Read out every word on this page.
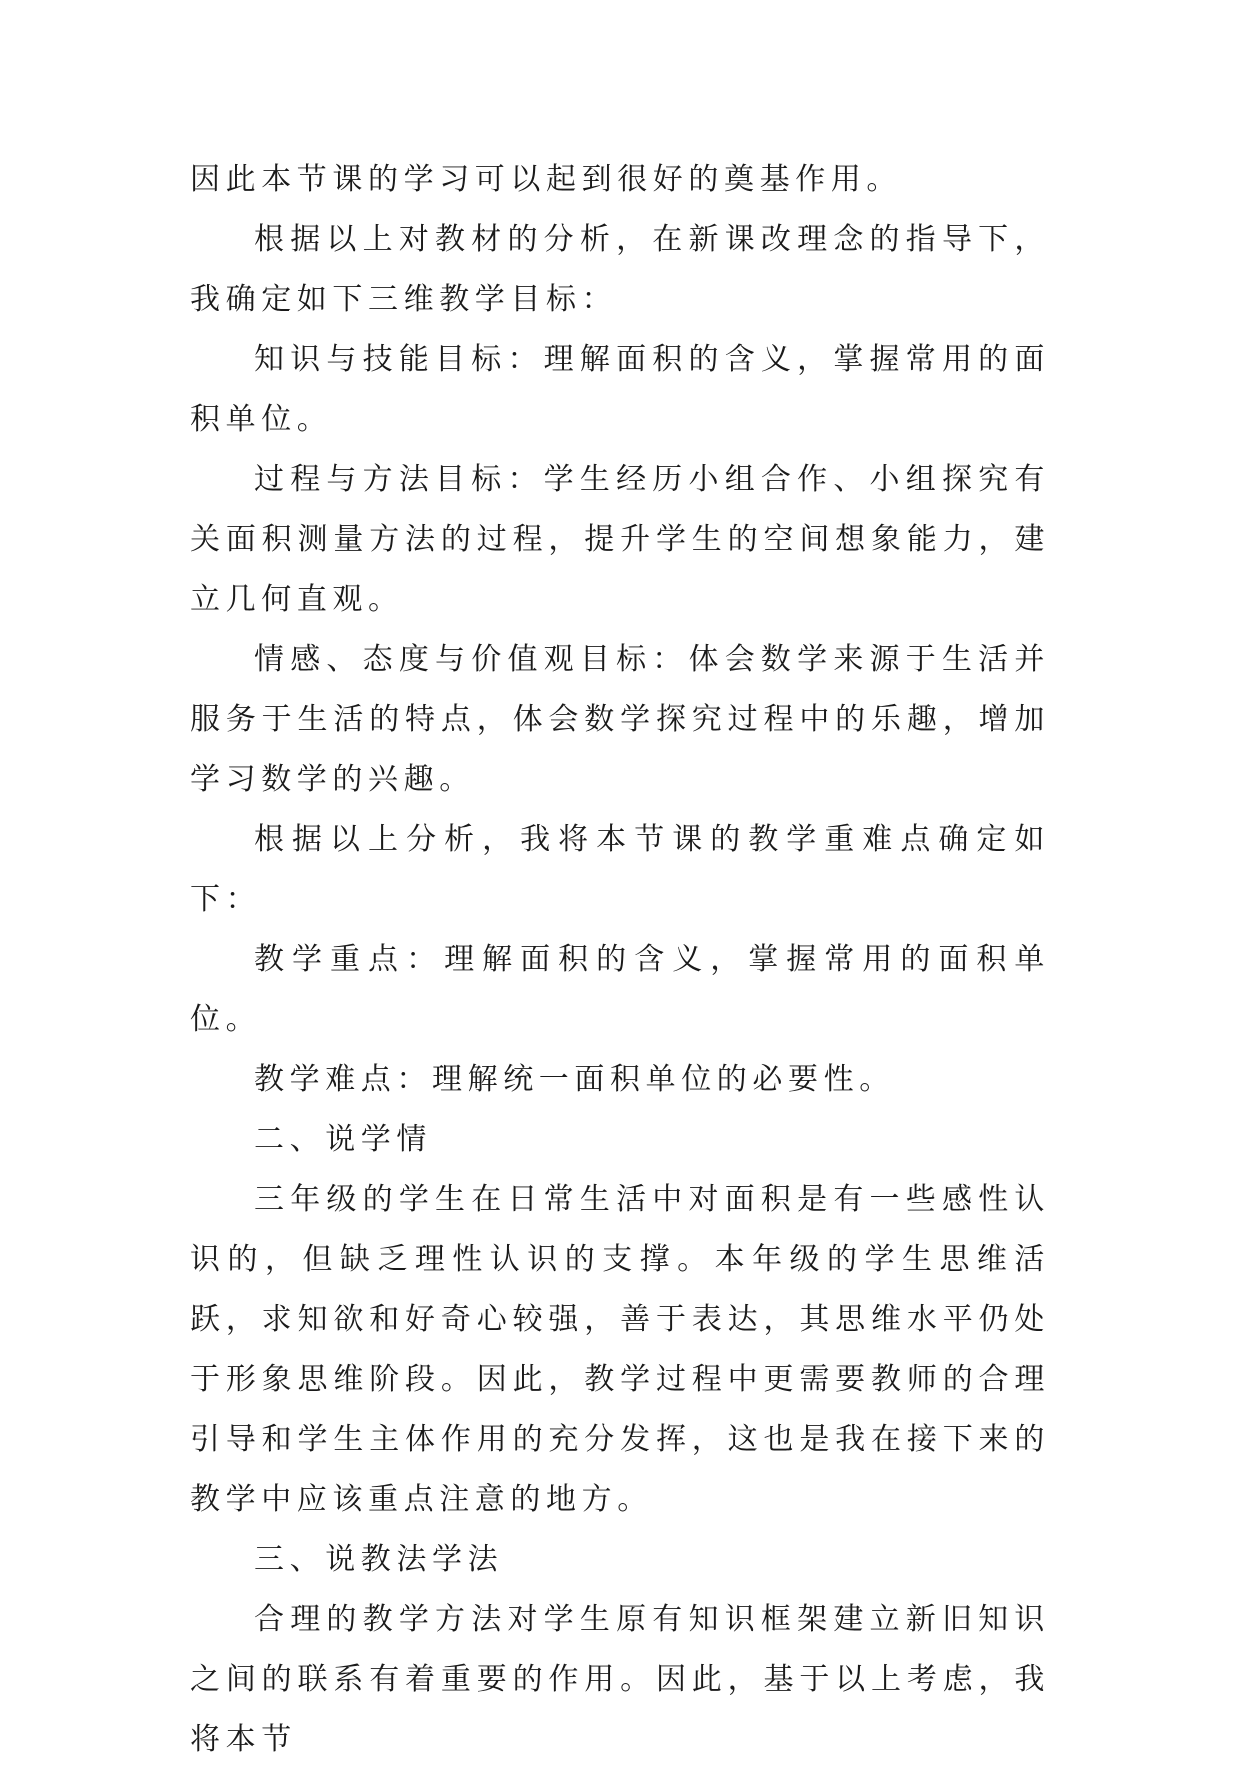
因此本节课的学习可以起到很好的奠基作用。

根据以上对教材的分析，在新课改理念的指导下，我确定如下三维教学目标：

知识与技能目标：理解面积的含义，掌握常用的面积单位。

过程与方法目标：学生经历小组合作、小组探究有关面积测量方法的过程，提升学生的空间想象能力，建立几何直观。

情感、态度与价值观目标：体会数学来源于生活并服务于生活的特点，体会数学探究过程中的乐趣，增加学习数学的兴趣。

根据以上分析，我将本节课的教学重难点确定如下：

教学重点：理解面积的含义，掌握常用的面积单位。

教学难点：理解统一面积单位的必要性。

二、说学情

三年级的学生在日常生活中对面积是有一些感性认识的，但缺乏理性认识的支撑。本年级的学生思维活跃，求知欲和好奇心较强，善于表达，其思维水平仍处于形象思维阶段。因此，教学过程中更需要教师的合理引导和学生主体作用的充分发挥，这也是我在接下来的教学中应该重点注意的地方。

三、说教法学法

合理的教学方法对学生原有知识框架建立新旧知识之间的联系有着重要的作用。因此，基于以上考虑，我将本节
